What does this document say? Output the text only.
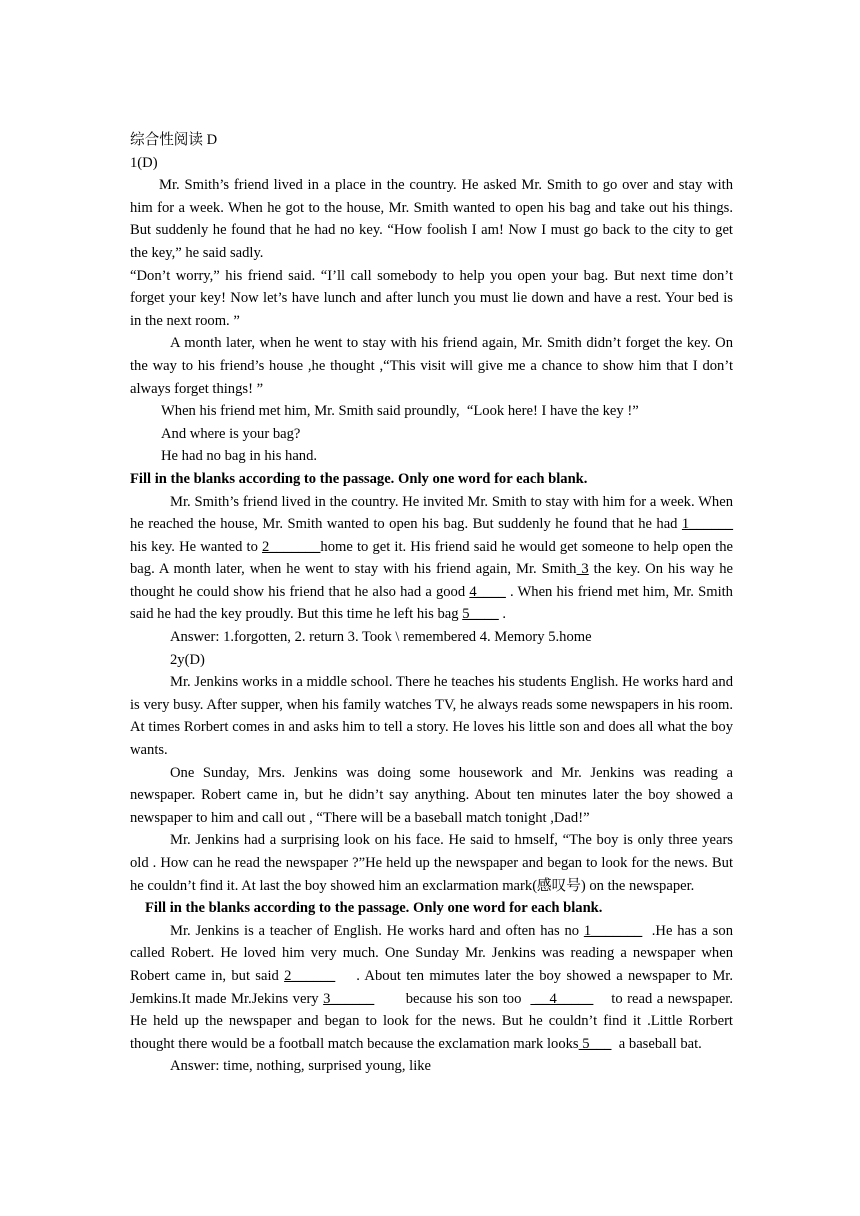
综合性阅读 D

1(D)

Mr. Smith’s friend lived in a place in the country. He asked Mr. Smith to go over and stay with him for a week. When he got to the house, Mr. Smith wanted to open his bag and take out his things. But suddenly he found that he had no key. “How foolish I am! Now I must go back to the city to get the key,” he said sadly.

“Don’t worry,” his friend said. “I’ll call somebody to help you open your bag. But next time don’t forget your key! Now let’s have lunch and after lunch you must lie down and have a rest. Your bed is in the next room. ”

A month later, when he went to stay with his friend again, Mr. Smith didn’t forget the key. On the way to his friend’s house ,he thought ,“This visit will give me a chance to show him that I don’t always forget things! ”

When his friend met him, Mr. Smith said proundly,  “Look here! I have the key !”

And where is your bag?

He had no bag in his hand.

Fill in the blanks according to the passage. Only one word for each blank.

Mr. Smith’s friend lived in the country. He invited Mr. Smith to stay with him for a week. When he reached the house, Mr. Smith wanted to open his bag. But suddenly he found that he had 1______ his key. He wanted to 2_______home to get it. His friend said he would get someone to help open the bag. A month later, when he went to stay with his friend again, Mr. Smith 3 the key. On his way he thought he could show his friend that he also had a good 4____ . When his friend met him, Mr. Smith said he had the key proudly. But this time he left his bag 5____ .

Answer: 1.forgotten, 2. return 3. Took \ remembered 4. Memory 5.home

2y(D)

Mr. Jenkins works in a middle school. There he teaches his students English. He works hard and is very busy. After supper, when his family watches TV, he always reads some newspapers in his room. At times Rorbert comes in and asks him to tell a story. He loves his little son and does all what the boy wants.

One Sunday, Mrs. Jenkins was doing some housework and Mr. Jenkins was reading a newspaper. Robert came in, but he didn’t say anything. About ten minutes later the boy showed a newspaper to him and call out , “There will be a baseball match tonight ,Dad!”

Mr. Jenkins had a surprising look on his face. He said to hmself, “The boy is only three years old . How can he read the newspaper ?”He held up the newspaper and began to look for the news. But he couldn’t find it. At last the boy showed him an exclarmation mark(感叹号) on the newspaper.

Fill in the blanks according to the passage. Only one word for each blank.

Mr. Jenkins is a teacher of English. He works hard and often has no 1_______  .He has a son called Robert. He loved him very much. One Sunday Mr. Jenkins was reading a newspaper when Robert came in, but said 2______    . About ten mimutes later the boy showed a newspaper to Mr. Jemkins.It made Mr.Jekins very 3______       because his son too   __4_____    to read a newspaper. He held up the newspaper and began to look for the news. But he couldn’t find it .Little Rorbert thought there would be a football match because the exclamation mark looks 5___  a baseball bat.

Answer: time, nothing, surprised young, like
